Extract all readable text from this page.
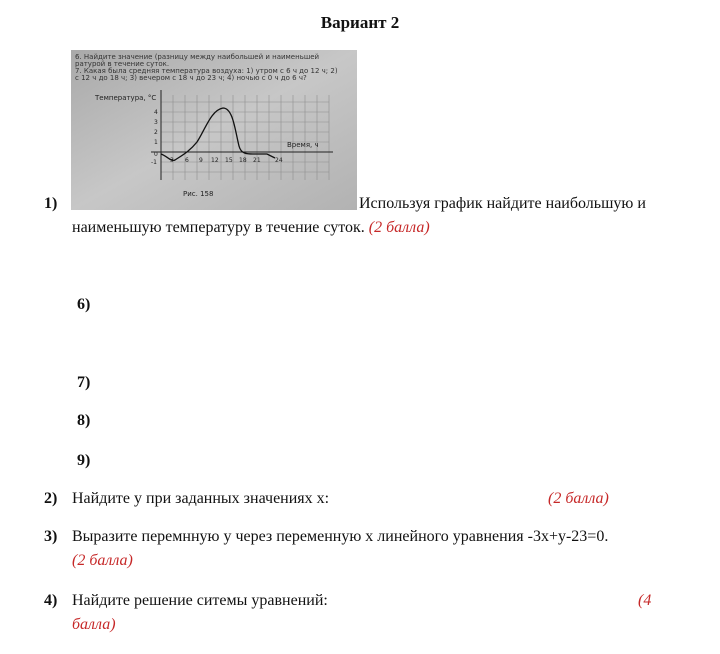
Вариант 2
6. Найдите значение (разницу между наибольшей и наименьшей
ратурой в течение суток.
7. Какая была средняя температура воздуха: 1) утром с 6 ч до 12 ч; 2)
с 12 ч до 18 ч; 3) вечером с 18 ч до 23 ч; 4) ночью с 0 ч до 6 ч?
Температура, °С
Время, ч
4
3
2
1
0
-1 3 6 9 12 15 18 21 24
Рис. 158
1)	Используя график найдите наибольшую и
наименьшую температуру в течение суток. (2 балла)
6)
7)
8)
9)
2) Найдите у при заданных значениях х:	(2 балла)
3) Выразите перемнную у через переменную х линейного уравнения -3х+у-23=0.
(2 балла)
4) Найдите решение ситемы уравнений:	(4
балла)
